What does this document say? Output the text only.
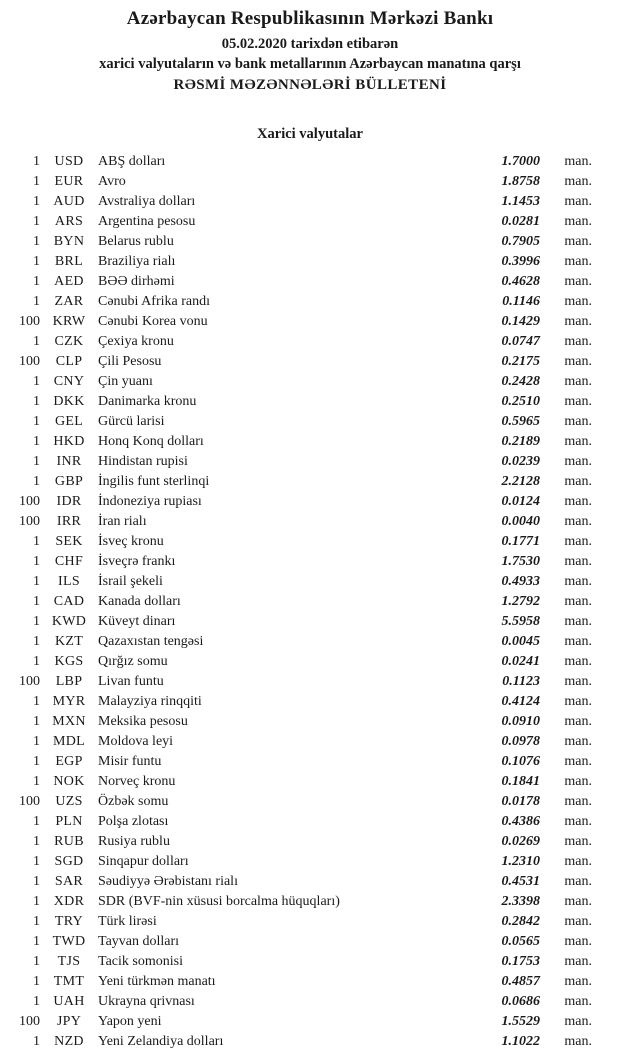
Azərbaycan Respublikasının Mərkəzi Bankı
05.02.2020 tarixdən etibarən
xarici valyutaların və bank metallarının Azərbaycan manatına qarşı
RƏSMİ MƏZƏNNƏLƏRİ BÜLLETENİ
Xarici valyutalar
1	USD	ABŞ dolları	1.7000	man.
1	EUR	Avro	1.8758	man.
1 AUD Avstraliya dolları	1.1453	man.
1	ARS	Argentina pesosu	0.0281	man.
1 BYN Belarus rublu	0.7905	man.
1	BRL	Braziliya rialı	0.3996	man.
1	AED	BƏƏ dirhəmi	0.4628	man.
1	ZAR	Cənubi Afrika randı	0.1146	man.
100 KRW Cənubi Korea vonu	0.1429	man.
1	CZK	Çexiya kronu	0.0747	man.
100	CLP	Çili Pesosu	0.2175	man.
1 CNY Çin yuanı	0.2428	man.
1 DKK Danimarka kronu	0.2510	man.
1	GEL	Gürcü larisi	0.5965	man.
1 HKD Honq Konq dolları	0.2189	man.
1	INR	Hindistan rupisi	0.0239	man.
1	GBP	İngilis funt sterlinqi	2.2128	man.
100	IDR	İndoneziya rupiası	0.0124	man.
100	IRR	İran rialı	0.0040	man.
1	SEK	İsveç kronu	0.1771	man.
1	CHF	İsveçrə frankı	1.7530	man.
1	ILS	İsrail şekeli	0.4933	man.
1 CAD Kanada dolları	1.2792	man.
1 KWD Küveyt dinarı	5.5958	man.
1	KZT	Qazaxıstan tengəsi	0.0045	man.
1	KGS	Qırğız somu	0.0241	man.
100	LBP	Livan funtu	0.1123	man.
1 MYR Malayziya rinqqiti	0.4124	man.
1 MXN Meksika pesosu	0.0910	man.
1 MDL Moldova leyi	0.0978	man.
1	EGP	Misir funtu	0.1076	man.
1 NOK Norveç kronu	0.1841	man.
100	UZS	Özbək somu	0.0178	man.
1	PLN	Polşa zlotası	0.4386	man.
1	RUB	Rusiya rublu	0.0269	man.
1	SGD	Sinqapur dolları	1.2310	man.
1	SAR	Səudiyyə Ərəbistanı rialı	0.4531	man.
1 XDR SDR (BVF-nin xüsusi borcalma hüquqları)	2.3398	man.
1	TRY	Türk lirəsi	0.2842	man.
1 TWD Tayvan dolları	0.0565	man.
1	TJS	Tacik somonisi	0.1753	man.
1 TMT Yeni türkmən manatı	0.4857	man.
1 UAH Ukrayna qrivnası	0.0686	man.
100	JPY	Yapon yeni	1.5529	man.
1	NZD	Yeni Zelandiya dolları	1.1022	man.
